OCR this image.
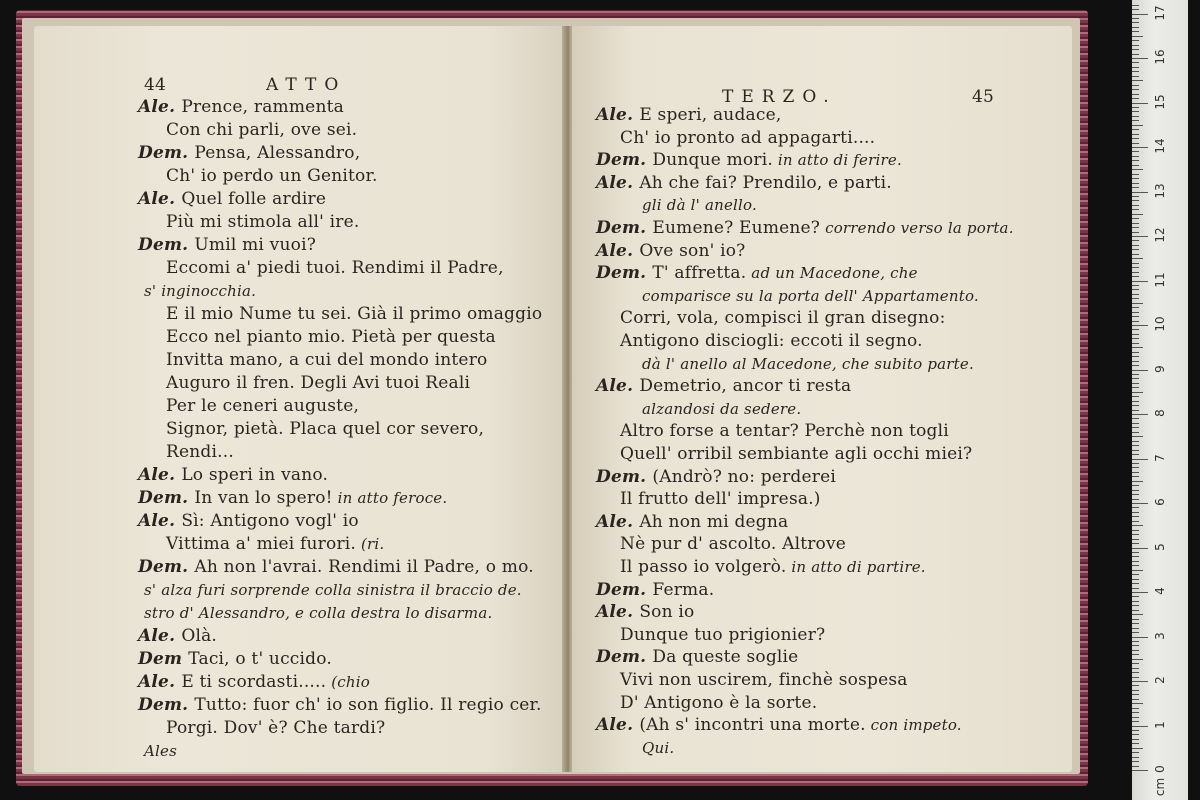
44	ATTO
Ale. Prence, rammenta
Con chi parli, ove sei.
Dem. Pensa, Alessandro,
Ch' io perdo un Genitor.
Ale. Quel folle ardire
Più mi stimola all' ire.
Dem. Umil mi vuoi?
Eccomi a' piedi tuoi. Rendimi il Padre,
s' inginocchia.
E il mio Nume tu sei. Già il primo omaggio
Ecco nel pianto mio. Pietà per questa
Invitta mano, a cui del mondo intero
Auguro il fren. Degli Avi tuoi Reali
Per le ceneri auguste,
Signor, pietà. Placa quel cor severo,
Rendi...
Ale. Lo speri in vano.
Dem. In van lo spero! in atto feroce.
Ale. Sì: Antigono vogl' io
Vittima a' miei furori. (ri.
Dem. Ah non l'avrai. Rendimi il Padre, o mo.
s' alza furi sorprende colla sinistra il braccio de.
stro d' Alessandro, e colla destra lo disarma.
Ale. Olà.
Dem Taci, o t' uccido.
Ale. E ti scordasti..... (chio
Dem. Tutto: fuor ch' io son figlio. Il regio cer.
Porgi. Dov' è? Che tardi?
Ales
TERZO.	45
Ale. E speri, audace,
Ch' io pronto ad appagarti....
Dem. Dunque mori. in atto di ferire.
Ale. Ah che fai? Prendilo, e parti.
gli dà l' anello.
Dem. Eumene? Eumene? correndo verso la porta.
Ale. Ove son' io?
Dem. T' affretta. ad un Macedone, che
comparisce su la porta dell' Appartamento.
Corri, vola, compisci il gran disegno:
Antigono disciogli: eccoti il segno.
dà l' anello al Macedone, che subito parte.
Ale. Demetrio, ancor ti resta
alzandosi da sedere.
Altro forse a tentar? Perchè non togli
Quell' orribil sembiante agli occhi miei?
Dem. (Andrò? no: perderei
Il frutto dell' impresa.)
Ale. Ah non mi degna
Nè pur d' ascolto. Altrove
Il passo io volgerò. in atto di partire.
Dem. Ferma.
Ale. Son io
Dunque tuo prigionier?
Dem. Da queste soglie
Vivi non uscirem, finchè sospesa
D' Antigono è la sorte.
Ale. (Ah s' incontri una morte. con impeto.
Qui.
0
1
2
3
4
5
6
7
8
9
10
11
12
13
14
15
16
17
cm
